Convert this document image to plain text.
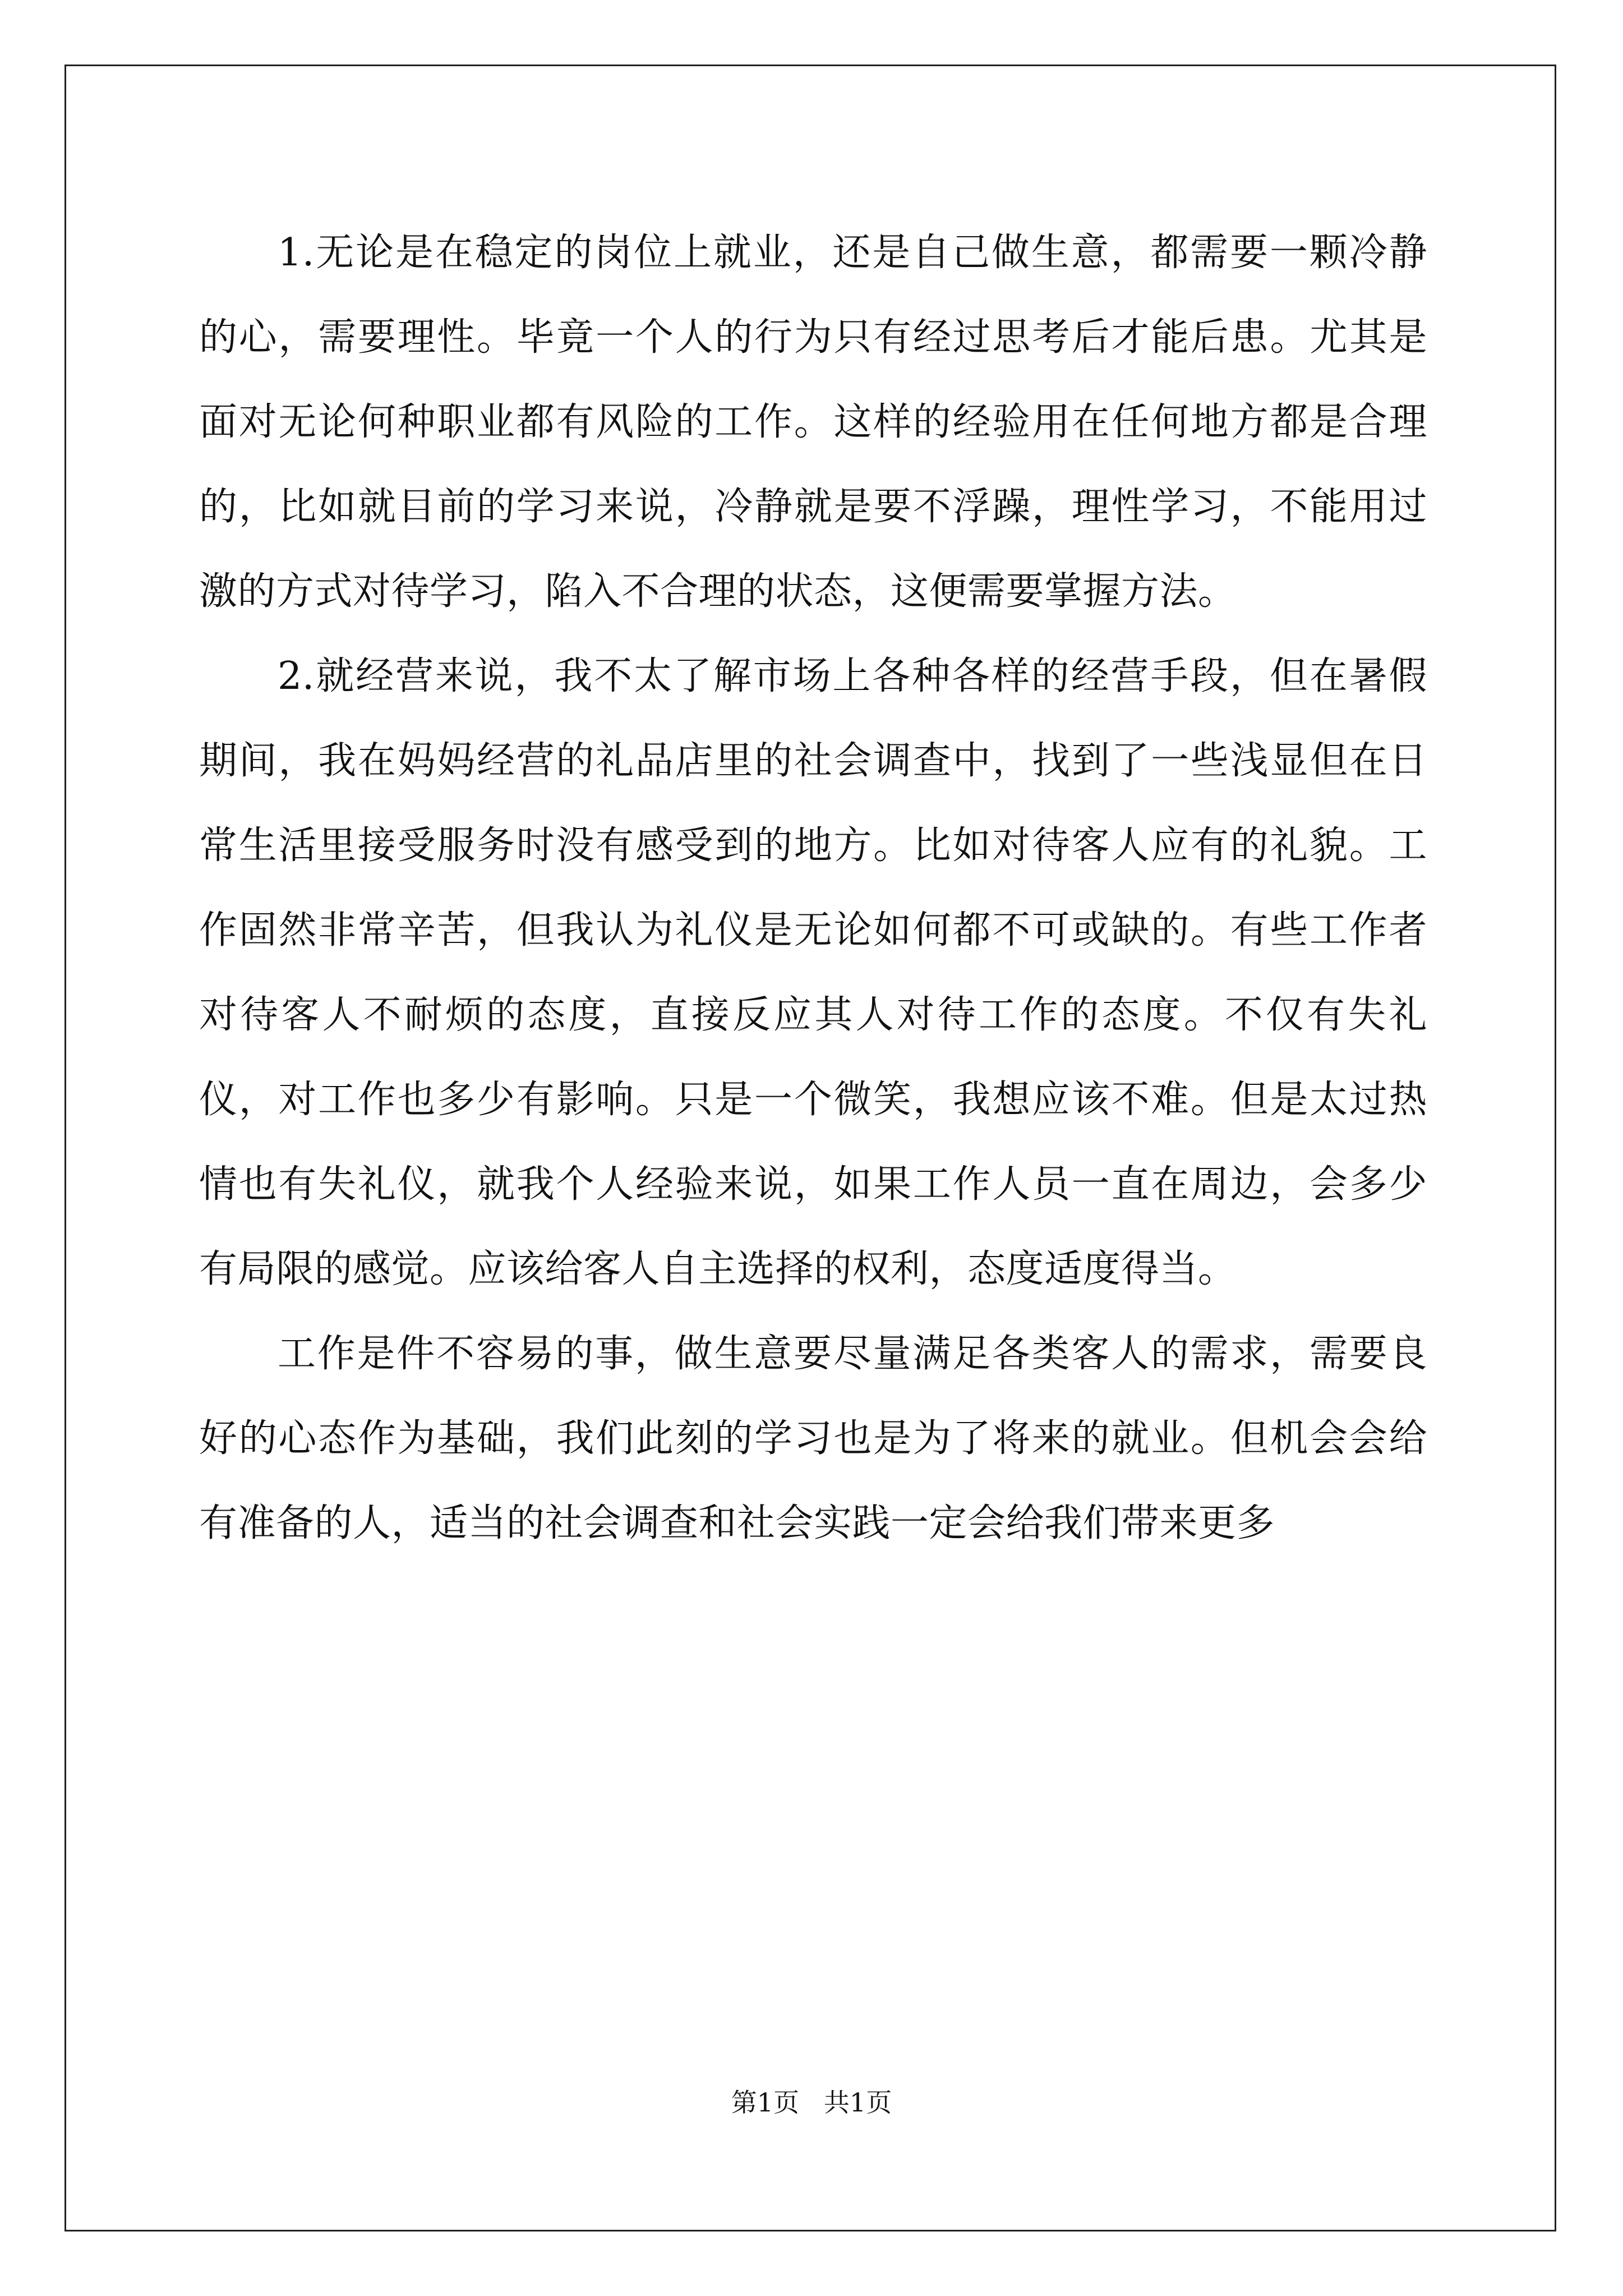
1.无论是在稳定的岗位上就业，还是自己做生意，都需要一颗冷静的心，需要理性。毕竟一个人的行为只有经过思考后才能后患。尤其是面对无论何种职业都有风险的工作。这样的经验用在任何地方都是合理的，比如就目前的学习来说，冷静就是要不浮躁，理性学习，不能用过激的方式对待学习，陷入不合理的状态，这便需要掌握方法。

2.就经营来说，我不太了解市场上各种各样的经营手段，但在暑假期间，我在妈妈经营的礼品店里的社会调查中，找到了一些浅显但在日常生活里接受服务时没有感受到的地方。比如对待客人应有的礼貌。工作固然非常辛苦，但我认为礼仪是无论如何都不可或缺的。有些工作者对待客人不耐烦的态度，直接反应其人对待工作的态度。不仅有失礼仪，对工作也多少有影响。只是一个微笑，我想应该不难。但是太过热情也有失礼仪，就我个人经验来说，如果工作人员一直在周边，会多少有局限的感觉。应该给客人自主选择的权利，态度适度得当。

工作是件不容易的事，做生意要尽量满足各类客人的需求，需要良好的心态作为基础，我们此刻的学习也是为了将来的就业。但机会会给有准备的人，适当的社会调查和社会实践一定会给我们带来更多

第1页   共1页
